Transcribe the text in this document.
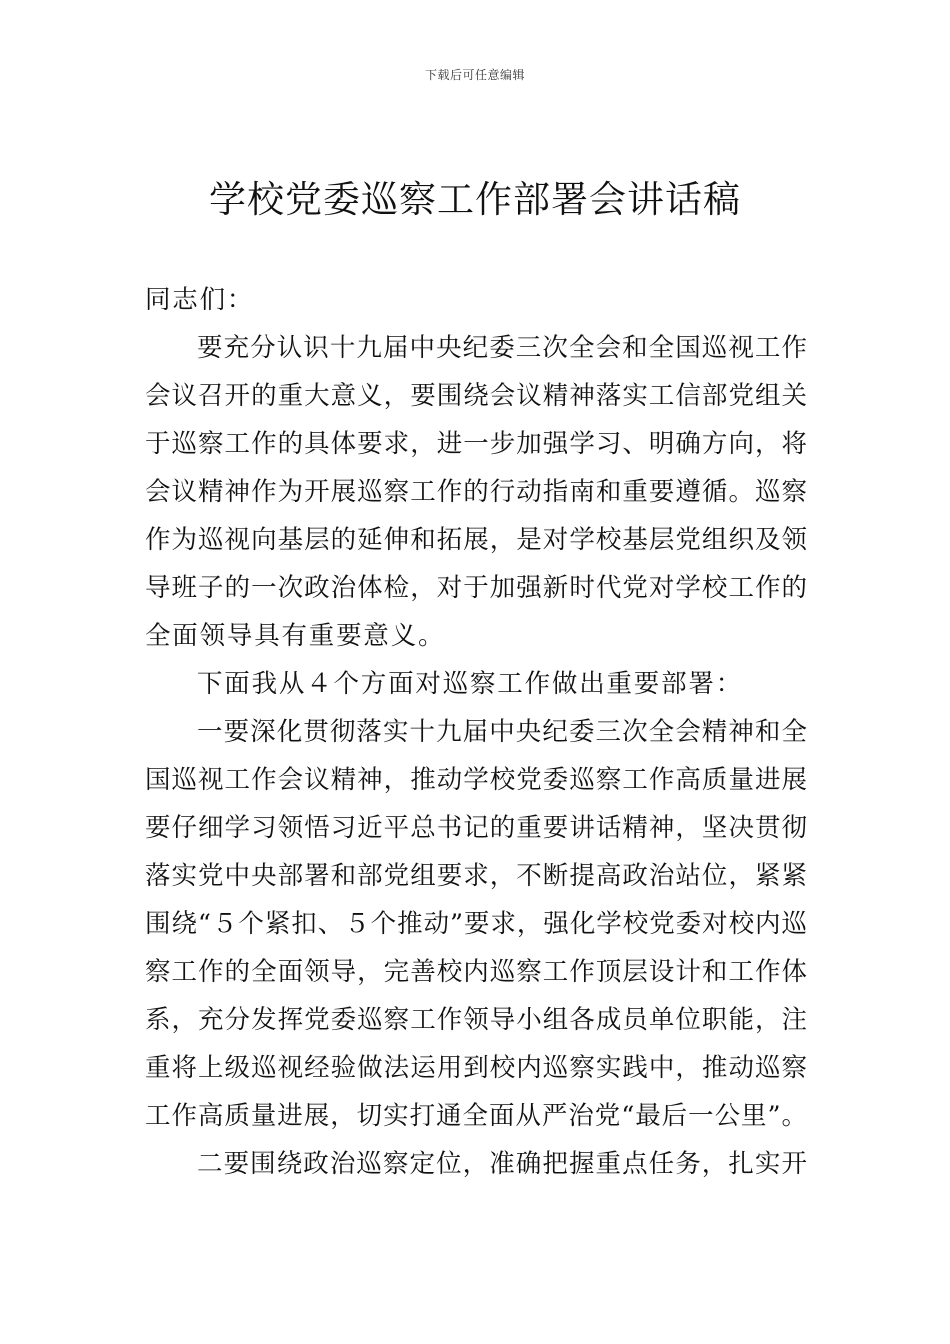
下载后可任意编辑
学校党委巡察工作部署会讲话稿
同志们：
要充分认识十九届中央纪委三次全会和全国巡视工作
会议召开的重大意义，要围绕会议精神落实工信部党组关
于巡察工作的具体要求，进一步加强学习、明确方向，将
会议精神作为开展巡察工作的行动指南和重要遵循。巡察
作为巡视向基层的延伸和拓展，是对学校基层党组织及领
导班子的一次政治体检，对于加强新时代党对学校工作的
全面领导具有重要意义。
下面我从４个方面对巡察工作做出重要部署：
一要深化贯彻落实十九届中央纪委三次全会精神和全
国巡视工作会议精神，推动学校党委巡察工作高质量进展
要仔细学习领悟习近平总书记的重要讲话精神，坚决贯彻
落实党中央部署和部党组要求，不断提高政治站位，紧紧
围绕“５个紧扣、５个推动”要求，强化学校党委对校内巡
察工作的全面领导，完善校内巡察工作顶层设计和工作体
系，充分发挥党委巡察工作领导小组各成员单位职能，注
重将上级巡视经验做法运用到校内巡察实践中，推动巡察
工作高质量进展，切实打通全面从严治党“最后一公里”。
二要围绕政治巡察定位，准确把握重点任务，扎实开
